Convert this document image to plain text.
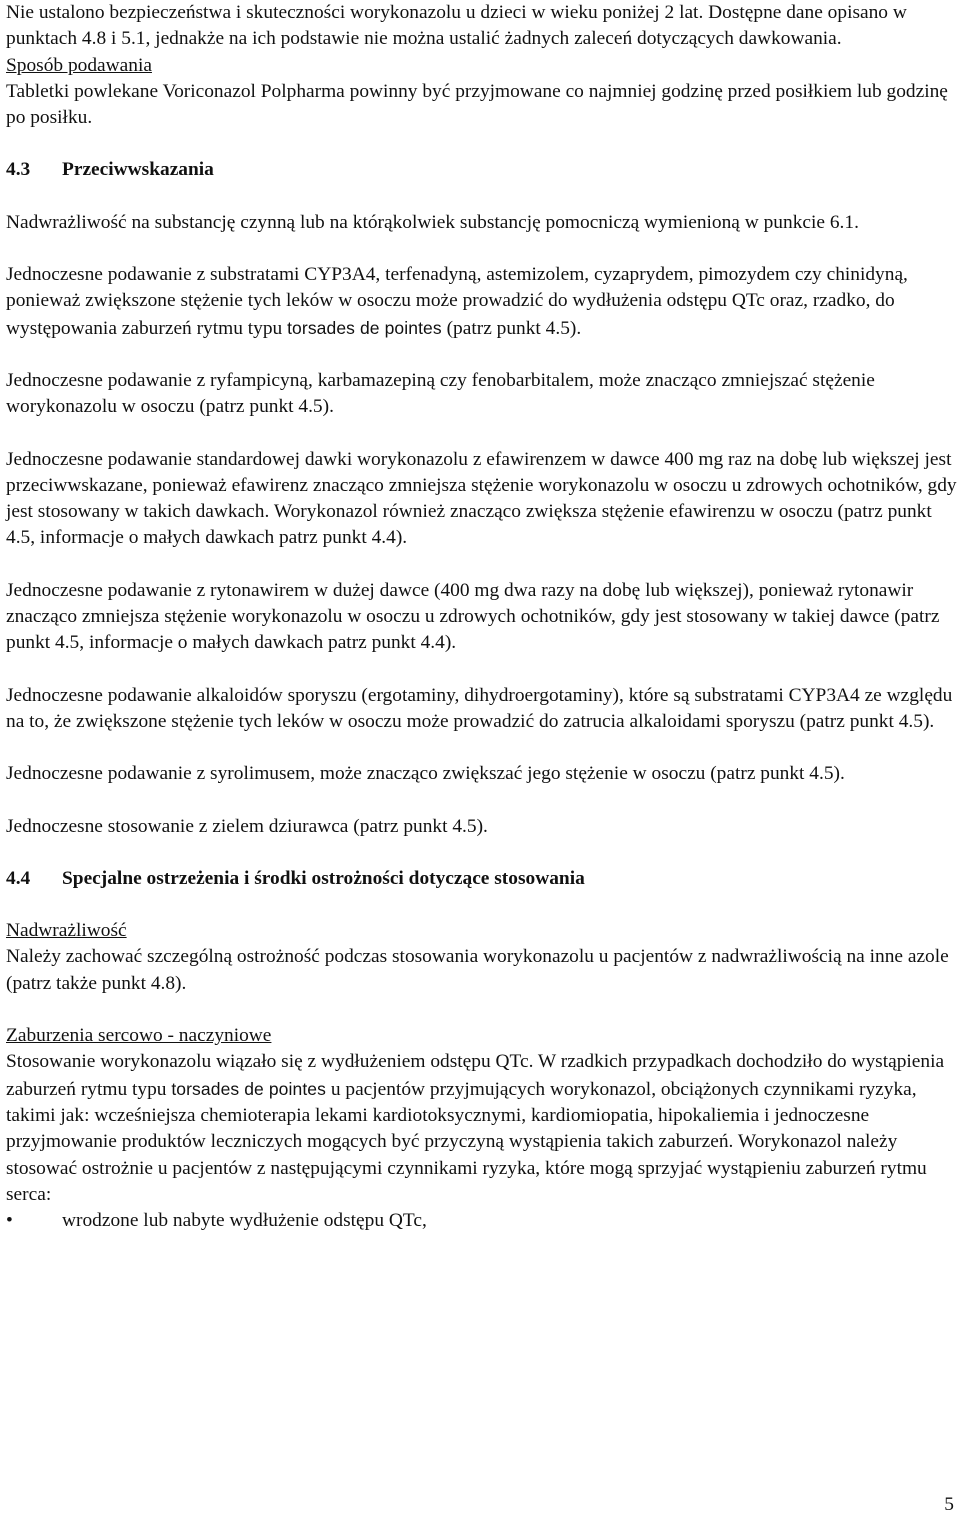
Nie ustalono bezpieczeństwa i skuteczności worykonazolu u dzieci w wieku poniżej 2 lat. Dostępne dane opisano w punktach 4.8 i 5.1, jednakże na ich podstawie nie można ustalić żadnych zaleceń dotyczących dawkowania.

Sposób podawania

Tabletki powlekane Voriconazol Polpharma powinny być przyjmowane co najmniej godzinę przed posiłkiem lub godzinę po posiłku.

4.3	Przeciwwskazania

Nadwrażliwość na substancję czynną lub na którąkolwiek substancję pomocniczą wymienioną w punkcie 6.1.

Jednoczesne podawanie z substratami CYP3A4, terfenadyną, astemizolem, cyzaprydem, pimozydem czy chinidyną, ponieważ zwiększone stężenie tych leków w osoczu może prowadzić do wydłużenia odstępu QTc oraz, rzadko, do występowania zaburzeń rytmu typu torsades de pointes (patrz punkt 4.5).

Jednoczesne podawanie z ryfampicyną, karbamazepiną czy fenobarbitalem, może znacząco zmniejszać stężenie worykonazolu w osoczu (patrz punkt 4.5).

Jednoczesne podawanie standardowej dawki worykonazolu z efawirenzem w dawce 400 mg raz na dobę lub większej jest przeciwwskazane, ponieważ efawirenz znacząco zmniejsza stężenie worykonazolu w osoczu u zdrowych ochotników, gdy jest stosowany w takich dawkach. Worykonazol również znacząco zwiększa stężenie efawirenzu w osoczu (patrz punkt 4.5, informacje o małych dawkach patrz punkt 4.4).

Jednoczesne podawanie z rytonawirem w dużej dawce (400 mg dwa razy na dobę lub większej), ponieważ rytonawir znacząco zmniejsza stężenie worykonazolu w osoczu u zdrowych ochotników, gdy jest stosowany w takiej dawce (patrz punkt 4.5, informacje o małych dawkach patrz punkt 4.4).

Jednoczesne podawanie alkaloidów sporyszu (ergotaminy, dihydroergotaminy), które są substratami CYP3A4 ze względu na to, że zwiększone stężenie tych leków w osoczu może prowadzić do zatrucia alkaloidami sporyszu (patrz punkt 4.5).

Jednoczesne podawanie z syrolimusem, może znacząco zwiększać jego stężenie w osoczu (patrz punkt 4.5).

Jednoczesne stosowanie z zielem dziurawca (patrz punkt 4.5).

4.4	Specjalne ostrzeżenia i środki ostrożności dotyczące stosowania

Nadwrażliwość

Należy zachować szczególną ostrożność podczas stosowania worykonazolu u pacjentów z nadwrażliwością na inne azole (patrz także punkt 4.8).

Zaburzenia sercowo - naczyniowe

Stosowanie worykonazolu wiązało się z wydłużeniem odstępu QTc. W rzadkich przypadkach dochodziło do wystąpienia zaburzeń rytmu typu torsades de pointes u pacjentów przyjmujących worykonazol, obciążonych czynnikami ryzyka, takimi jak: wcześniejsza chemioterapia lekami kardiotoksycznymi, kardiomiopatia, hipokaliemia i jednoczesne przyjmowanie produktów leczniczych mogących być przyczyną wystąpienia takich zaburzeń. Worykonazol należy stosować ostrożnie u pacjentów z następującymi czynnikami ryzyka, które mogą sprzyjać wystąpieniu zaburzeń rytmu serca:

•	wrodzone lub nabyte wydłużenie odstępu QTc,

5
